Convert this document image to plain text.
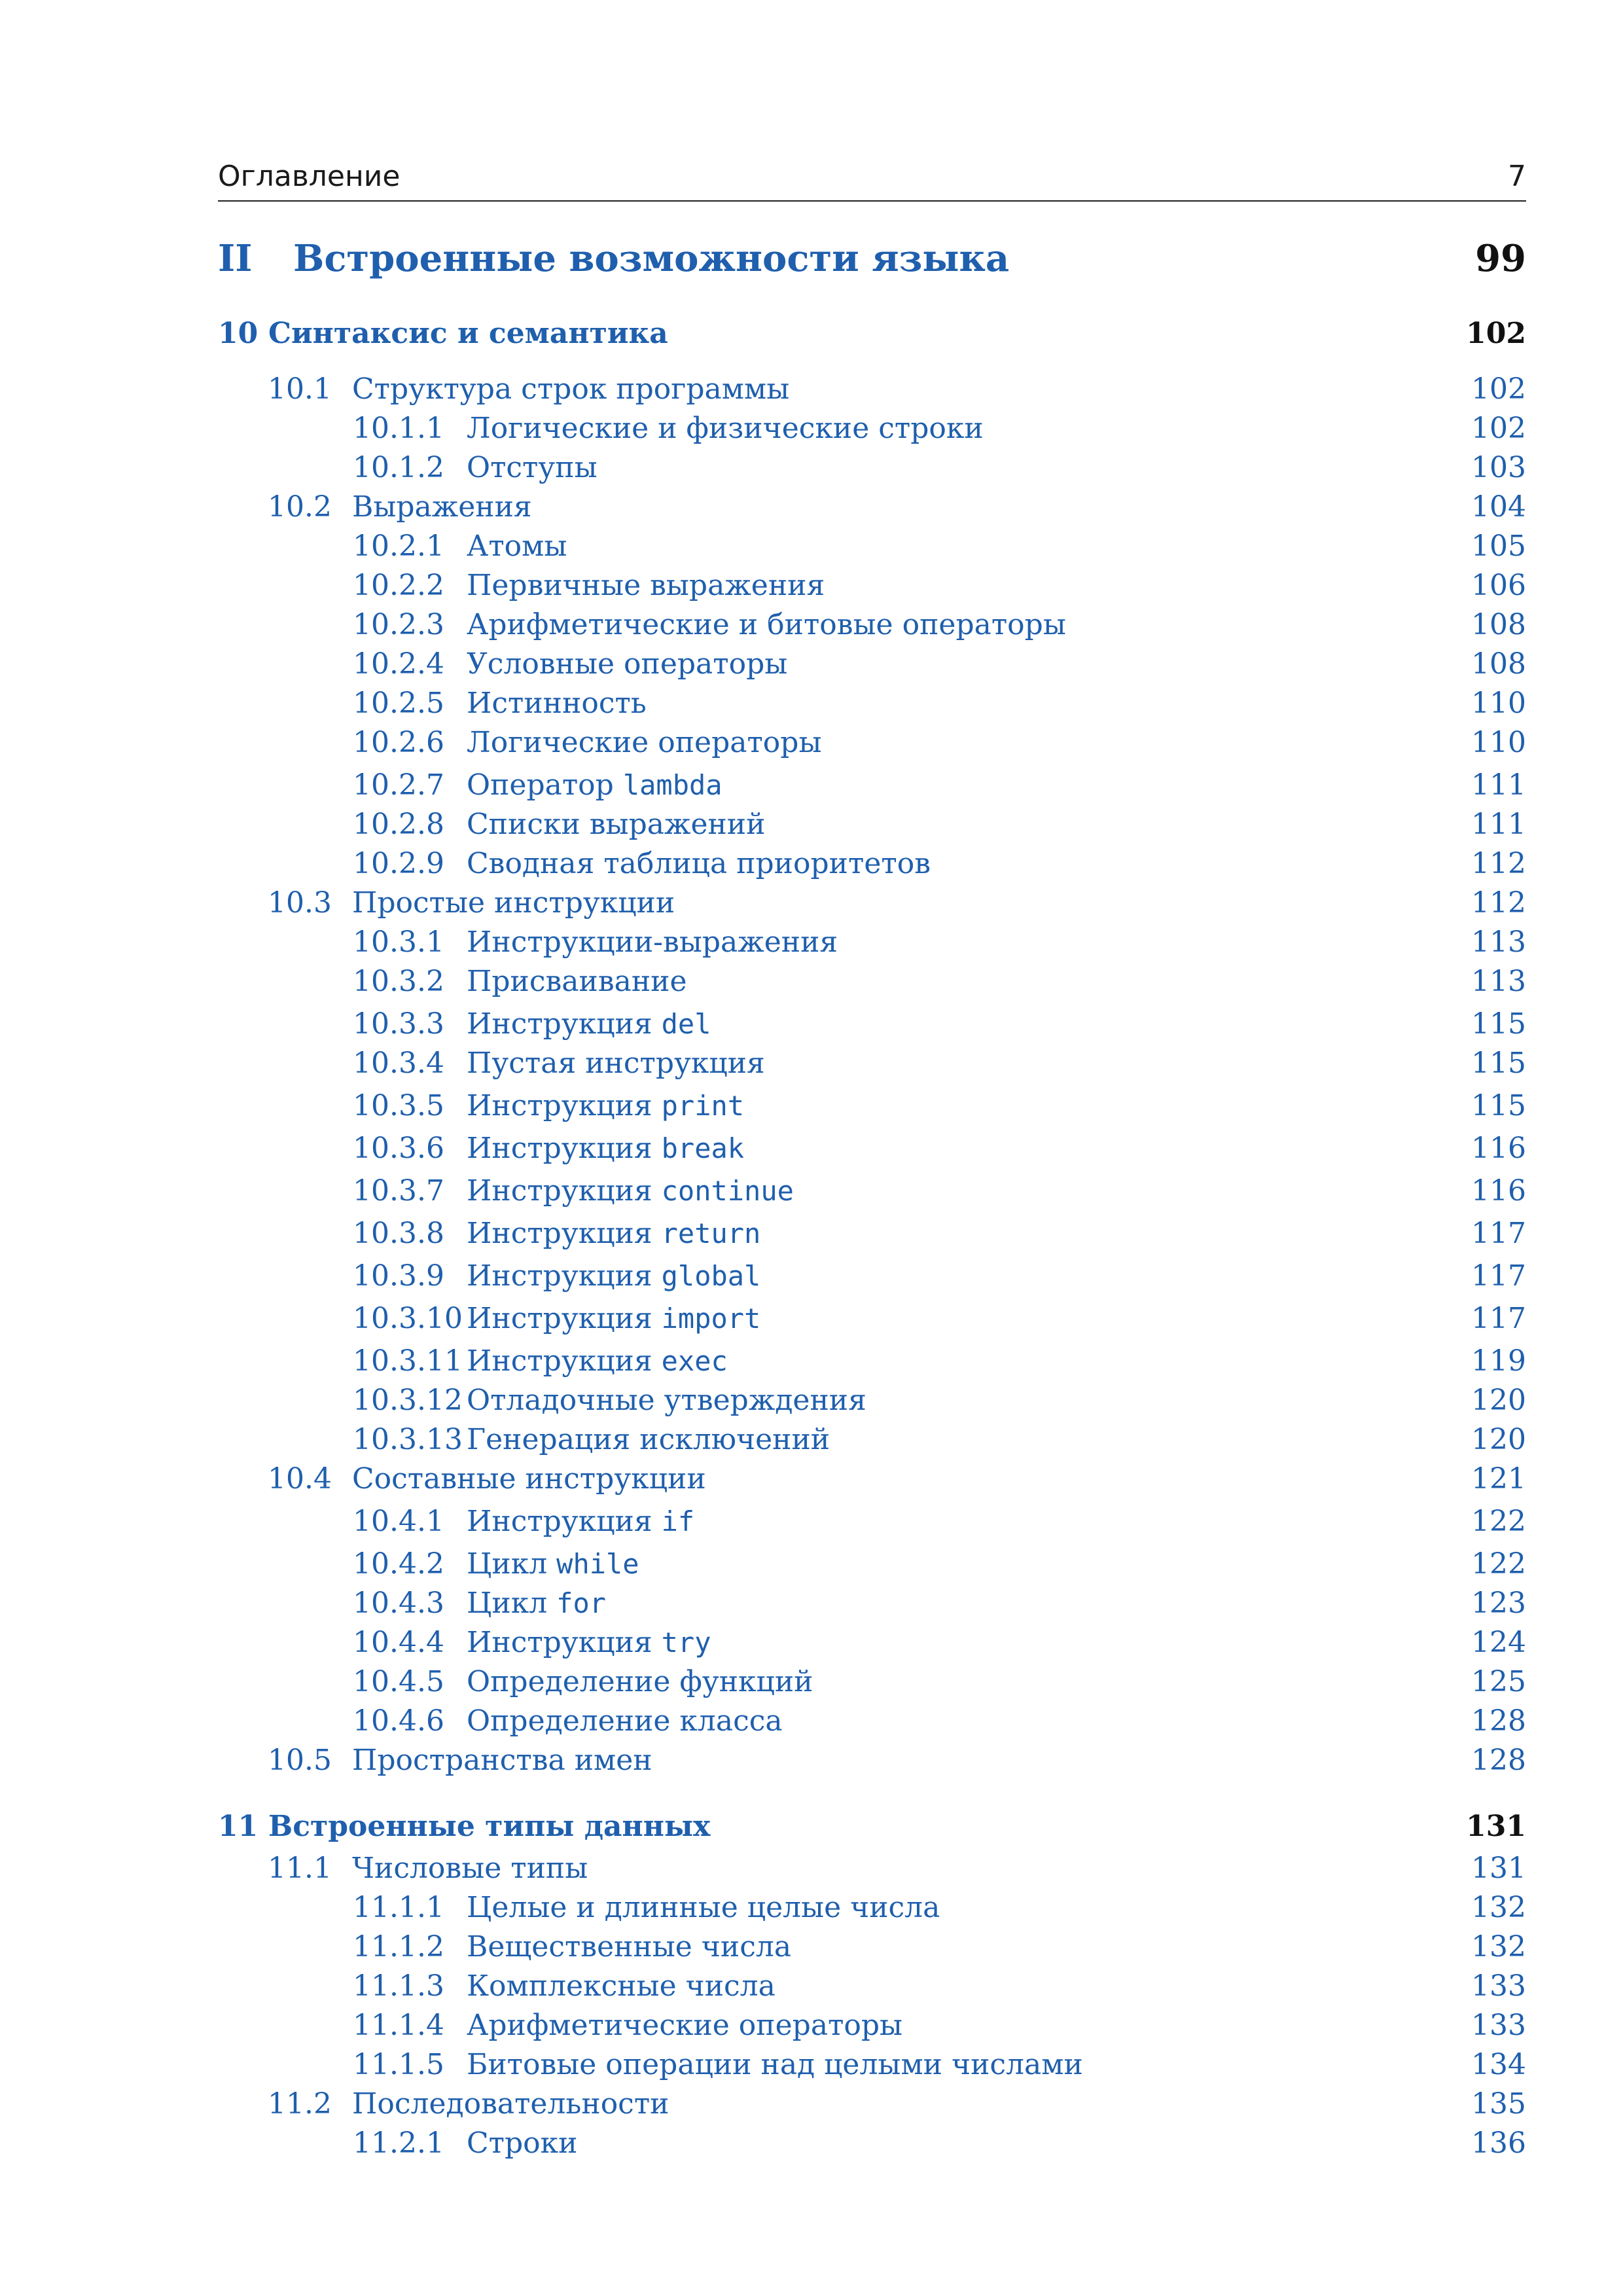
Оглавление	7
II Встроенные возможности языка	99
10 Синтаксис и семантика	102
10.1 Структура строк программы	102
10.1.1 Логические и физические строки	102
10.1.2 Отступы	103
10.2 Выражения	104
10.2.1 Атомы	105
10.2.2 Первичные выражения	106
10.2.3 Арифметические и битовые операторы	108
10.2.4 Условные операторы	108
10.2.5 Истинность	110
10.2.6 Логические операторы	110
10.2.7 Оператор lambda	111
10.2.8 Списки выражений	111
10.2.9 Сводная таблица приоритетов	112
10.3 Простые инструкции	112
10.3.1 Инструкции-выражения	113
10.3.2 Присваивание	113
10.3.3 Инструкция del	115
10.3.4 Пустая инструкция	115
10.3.5 Инструкция print	115
10.3.6 Инструкция break	116
10.3.7 Инструкция continue	116
10.3.8 Инструкция return	117
10.3.9 Инструкция global	117
10.3.10 Инструкция import	117
10.3.11 Инструкция exec	119
10.3.12 Отладочные утверждения	120
10.3.13 Генерация исключений	120
10.4 Составные инструкции	121
10.4.1 Инструкция if	122
10.4.2 Цикл while	122
10.4.3 Цикл for	123
10.4.4 Инструкция try	124
10.4.5 Определение функций	125
10.4.6 Определение класса	128
10.5 Пространства имен	128
11 Встроенные типы данных	131
11.1 Числовые типы	131
11.1.1 Целые и длинные целые числа	132
11.1.2 Вещественные числа	132
11.1.3 Комплексные числа	133
11.1.4 Арифметические операторы	133
11.1.5 Битовые операции над целыми числами	134
11.2 Последовательности	135
11.2.1 Строки	136
